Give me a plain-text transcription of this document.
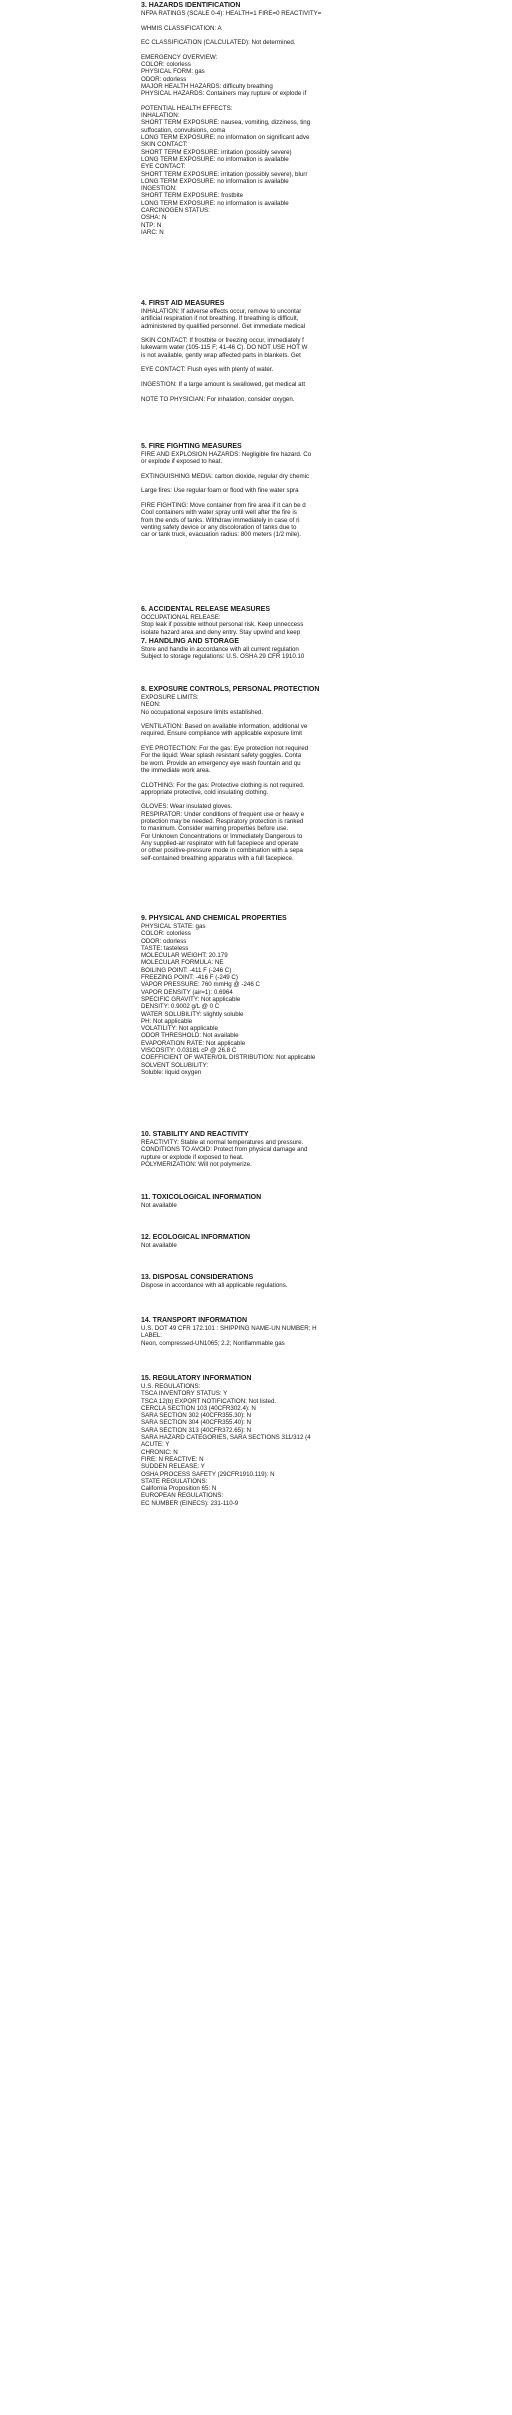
3. HAZARDS IDENTIFICATION
NFPA RATINGS (SCALE 0-4): HEALTH=1 FIRE=0 REACTIVITY=
WHMIS CLASSIFICATION: A
EC CLASSIFICATION (CALCULATED): Not determined.
EMERGENCY OVERVIEW:
COLOR: colorless
PHYSICAL FORM: gas
ODOR: odorless
MAJOR HEALTH HAZARDS: difficulty breathing
PHYSICAL HAZARDS: Containers may rupture or explode if
POTENTIAL HEALTH EFFECTS:
INHALATION:
SHORT TERM EXPOSURE: nausea, vomiting, dizziness, ting
suffocation, convulsions, coma
LONG TERM EXPOSURE: no information on significant adve
SKIN CONTACT:
SHORT TERM EXPOSURE: irritation (possibly severe)
LONG TERM EXPOSURE: no information is available
EYE CONTACT:
SHORT TERM EXPOSURE: irritation (possibly severe), blurr
LONG TERM EXPOSURE: no information is available
INGESTION:
SHORT TERM EXPOSURE: frostbite
LONG TERM EXPOSURE: no information is available
CARCINOGEN STATUS:
OSHA: N
NTP: N
IARC: N
4. FIRST AID MEASURES
INHALATION: If adverse effects occur, remove to uncontar
artificial respiration if not breathing. If breathing is difficult,
administered by qualified personnel. Get immediate medical
SKIN CONTACT: If frostbite or freezing occur, immediately f
lukewarm water (105-115 F; 41-46 C). DO NOT USE HOT W
is not available, gently wrap affected parts in blankets. Get
EYE CONTACT: Flush eyes with plenty of water.
INGESTION: If a large amount is swallowed, get medical att
NOTE TO PHYSICIAN: For inhalation, consider oxygen.
5. FIRE FIGHTING MEASURES
FIRE AND EXPLOSION HAZARDS: Negligible fire hazard. Co
or explode if exposed to heat.
EXTINGUISHING MEDIA: carbon dioxide, regular dry chemic
Large fires: Use regular foam or flood with fine water spra
FIRE FIGHTING: Move container from fire area if it can be d
Cool containers with water spray until well after the fire is
from the ends of tanks. Withdraw immediately in case of ri
venting safety device or any discoloration of tanks due to
car or tank truck, evacuation radius: 800 meters (1/2 mile).
6. ACCIDENTAL RELEASE MEASURES
OCCUPATIONAL RELEASE:
Stop leak if possible without personal risk. Keep unneccess
isolate hazard area and deny entry. Stay upwind and keep
7. HANDLING AND STORAGE
Store and handle in accordance with all current regulation
Subject to storage regulations: U.S. OSHA 29 CFR 1910.10
8. EXPOSURE CONTROLS, PERSONAL PROTECTION
EXPOSURE LIMITS:
NEON:
No occupational exposure limits established.
VENTILATION: Based on available information, additional ve
required. Ensure compliance with applicable exposure limit
EYE PROTECTION: For the gas: Eye protection not required
For the liquid: Wear splash resistant safety goggles. Conta
be worn. Provide an emergency eye wash fountain and qu
the immediate work area.
CLOTHING: For the gas: Protective clothing is not required.
appropriate protective, cold insulating clothing.
GLOVES: Wear insulated gloves.
RESPIRATOR: Under conditions of frequent use or heavy e
protection may be needed. Respiratory protection is ranked
to maximum. Consider warning properties before use.
For Unknown Concentrations or Immediately Dangerous to
Any supplied-air respirator with full facepiece and operate
or other positive-pressure mode in combination with a sepa
self-contained breathing apparatus with a full facepiece.
9. PHYSICAL AND CHEMICAL PROPERTIES
PHYSICAL STATE: gas
COLOR: colorless
ODOR: odorless
TASTE: tasteless
MOLECULAR WEIGHT: 20.179
MOLECULAR FORMULA: NE
BOILING POINT: -411 F (-246 C)
FREEZING POINT: -416 F (-249 C)
VAPOR PRESSURE: 760 mmHg @ -246 C
VAPOR DENSITY (air=1): 0.6964
SPECIFIC GRAVITY: Not applicable
DENSITY: 0.9002 g/L @ 0 C
WATER SOLUBILITY: slightly soluble
PH: Not applicable
VOLATILITY: Not applicable
ODOR THRESHOLD: Not available
EVAPORATION RATE: Not applicable
VISCOSITY: 0.03181 cP @ 26.8 C
COEFFICIENT OF WATER/OIL DISTRIBUTION: Not applicable
SOLVENT SOLUBILITY:
Soluble: liquid oxygen
10. STABILITY AND REACTIVITY
REACTIVITY: Stable at normal temperatures and pressure.
CONDITIONS TO AVOID: Protect from physical damage and
rupture or explode if exposed to heat.
POLYMERIZATION: Will not polymerize.
11. TOXICOLOGICAL INFORMATION
Not available
12. ECOLOGICAL INFORMATION
Not available
13. DISPOSAL CONSIDERATIONS
Dispose in accordance with all applicable regulations.
14. TRANSPORT INFORMATION
U.S. DOT 49 CFR 172.101 : SHIPPING NAME-UN NUMBER; H
LABEL:
Neon, compressed-UN1065; 2.2; Nonflammable gas
15. REGULATORY INFORMATION
U.S. REGULATIONS:
TSCA INVENTORY STATUS: Y
TSCA 12(b) EXPORT NOTIFICATION: Not listed.
CERCLA SECTION 103 (40CFR302.4): N
SARA SECTION 302 (40CFR355.30): N
SARA SECTION 304 (40CFR355.40): N
SARA SECTION 313 (40CFR372.65): N
SARA HAZARD CATEGORIES, SARA SECTIONS 311/312 (4
ACUTE: Y
CHRONIC: N
FIRE: N REACTIVE: N
SUDDEN RELEASE: Y
OSHA PROCESS SAFETY (29CFR1910.119): N
STATE REGULATIONS:
California Proposition 65: N
EUROPEAN REGULATIONS:
EC NUMBER (EINECS): 231-110-9
